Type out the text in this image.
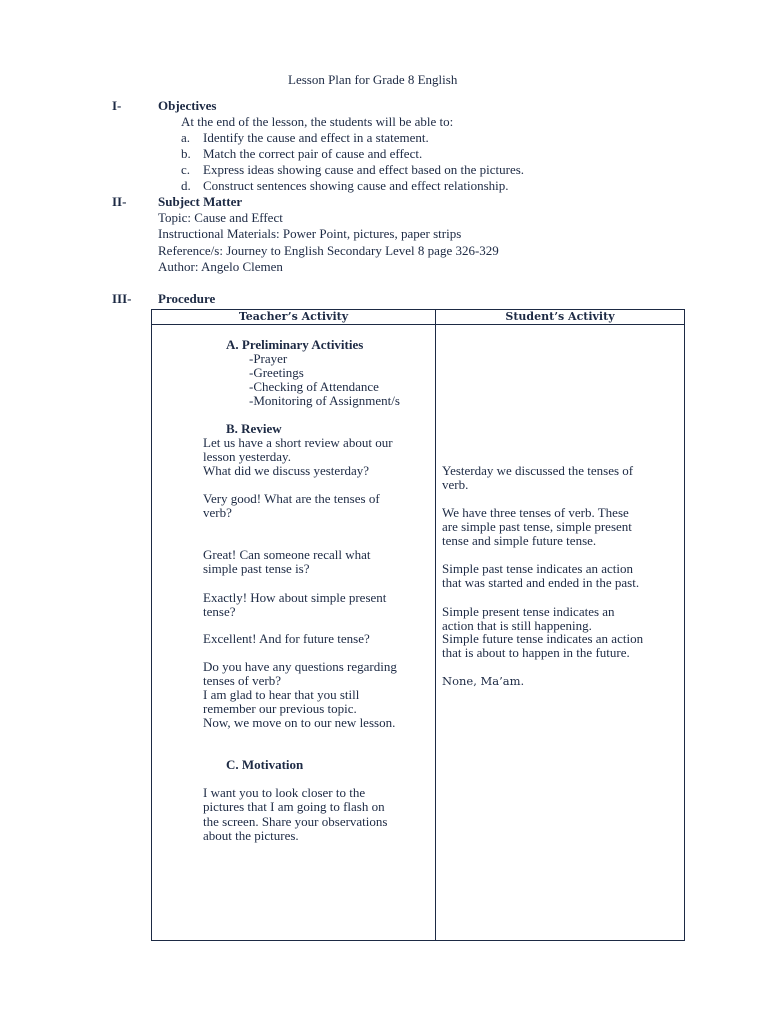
Lesson Plan for Grade 8 English
I-	Objectives
At the end of the lesson, the students will be able to:
a. Identify the cause and effect in a statement.
b. Match the correct pair of cause and effect.
c. Express ideas showing cause and effect based on the pictures.
d. Construct sentences showing cause and effect relationship.
II- Subject Matter
Topic: Cause and Effect
Instructional Materials: Power Point, pictures, paper strips
Reference/s: Journey to English Secondary Level 8 page 326-329
Author: Angelo Clemen
III- Procedure
Teacher’s Activity	Student’s Activity
A. Preliminary Activities
-Prayer
-Greetings
-Checking of Attendance
-Monitoring of Assignment/s
B. Review
Let us have a short review about our
lesson yesterday.
What did we discuss yesterday?
Very good! What are the tenses of
verb?
Great! Can someone recall what
simple past tense is?
Exactly! How about simple present
tense?
Excellent! And for future tense?
Do you have any questions regarding
tenses of verb?
I am glad to hear that you still
remember our previous topic.
Now, we move on to our new lesson.
Yesterday we discussed the tenses of
verb.
We have three tenses of verb. These
are simple past tense, simple present
tense and simple future tense.
Simple past tense indicates an action
that was started and ended in the past.
Simple present tense indicates an
action that is still happening.
Simple future tense indicates an action
that is about to happen in the future.
None, Ma’am.
C. Motivation
I want you to look closer to the
pictures that I am going to flash on
the screen. Share your observations
about the pictures.
